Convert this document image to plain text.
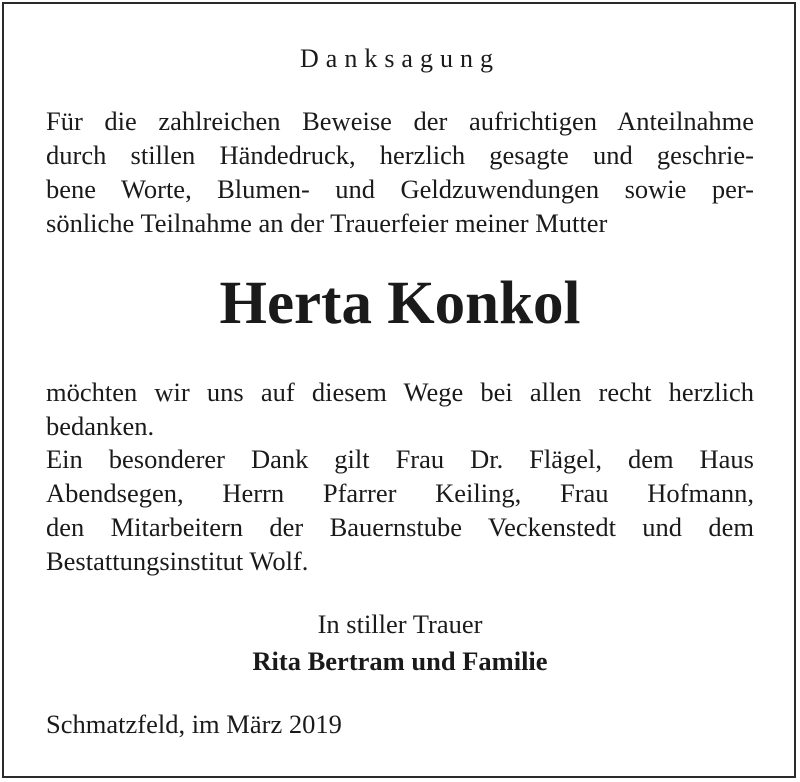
Danksagung
Für die zahlreichen Beweise der aufrichtigen Anteilnahme
durch stillen Händedruck, herzlich gesagte und geschrie-
bene Worte, Blumen- und Geldzuwendungen sowie per-
sönliche Teilnahme an der Trauerfeier meiner Mutter
Herta Konkol
möchten wir uns auf diesem Wege bei allen recht herzlich
bedanken.
Ein besonderer Dank gilt Frau Dr. Flägel, dem Haus
Abendsegen, Herrn Pfarrer Keiling, Frau Hofmann,
den Mitarbeitern der Bauernstube Veckenstedt und dem
Bestattungsinstitut Wolf.
In stiller Trauer
Rita Bertram und Familie
Schmatzfeld, im März 2019
